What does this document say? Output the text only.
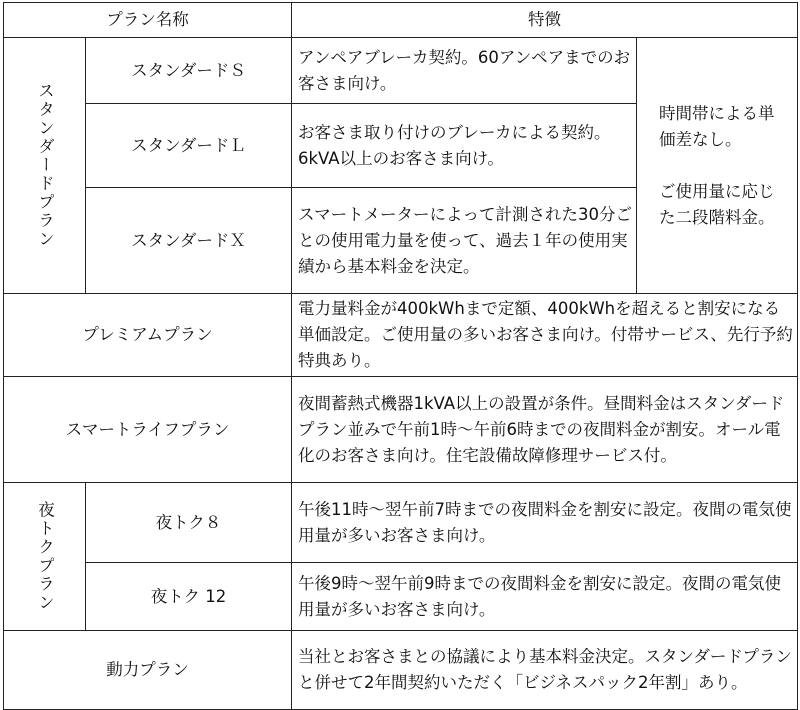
プラン名称		特徴	
スタンダードプラン	スタンダードＳ	アンペアブレーカ契約。60アンペアまでのお客さま向け。	時間帯による単価差なし。
ご使用量に応じた二段階料金。

	スタンダードＬ	お客さま取り付けのブレーカによる契約。6kVA以上のお客さま向け。	
	スタンダードＸ	スマートメーターによって計測された30分ごとの使用電力量を使って、過去１年の使用実績から基本料金を決定。	
プレミアムプラン		電力量料金が400kWhまで定額、400kWhを超えると割安になる単価設定。ご使用量の多いお客さま向け。付帯サービス、先行予約特典あり。	
スマートライフプラン		夜間蓄熱式機器1kVA以上の設置が条件。昼間料金はスタンダードプラン並みで午前1時～午前6時までの夜間料金が割安。オール電化のお客さま向け。住宅設備故障修理サービス付。	
夜トクプラン	夜トク８	午後11時～翌午前7時までの夜間料金を割安に設定。夜間の電気使用量が多いお客さま向け。	
	夜トク 12	午後9時～翌午前9時までの夜間料金を割安に設定。夜間の電気使用量が多いお客さま向け。	
動力プラン		当社とお客さまとの協議により基本料金決定。スタンダードプランと併せて2年間契約いただく「ビジネスパック2年割」あり。	
